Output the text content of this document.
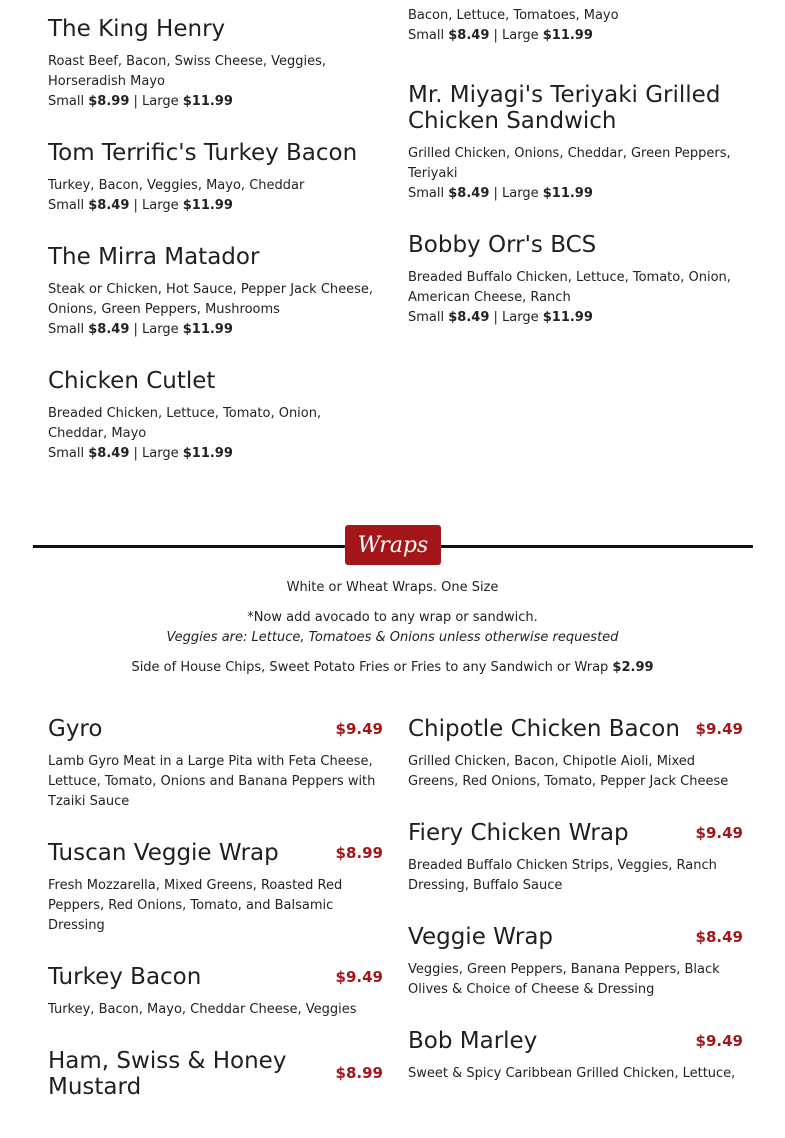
The King Henry
Roast Beef, Bacon, Swiss Cheese, Veggies, Horseradish Mayo
Small $8.99 | Large $11.99
Tom Terrific's Turkey Bacon
Turkey, Bacon, Veggies, Mayo, Cheddar
Small $8.49 | Large $11.99
The Mirra Matador
Steak or Chicken, Hot Sauce, Pepper Jack Cheese, Onions, Green Peppers, Mushrooms
Small $8.49 | Large $11.99
Chicken Cutlet
Breaded Chicken, Lettuce, Tomato, Onion, Cheddar, Mayo
Small $8.49 | Large $11.99
Bacon, Lettuce, Tomatoes, Mayo
Small $8.49 | Large $11.99
Mr. Miyagi's Teriyaki Grilled Chicken Sandwich
Grilled Chicken, Onions, Cheddar, Green Peppers, Teriyaki
Small $8.49 | Large $11.99
Bobby Orr's BCS
Breaded Buffalo Chicken, Lettuce, Tomato, Onion, American Cheese, Ranch
Small $8.49 | Large $11.99
Wraps
White or Wheat Wraps. One Size
*Now add avocado to any wrap or sandwich.
Veggies are: Lettuce, Tomatoes & Onions unless otherwise requested
Side of House Chips, Sweet Potato Fries or Fries to any Sandwich or Wrap $2.99
Gyro	$9.49
Lamb Gyro Meat in a Large Pita with Feta Cheese, Lettuce, Tomato, Onions and Banana Peppers with Tzaiki Sauce
Tuscan Veggie Wrap	$8.99
Fresh Mozzarella, Mixed Greens, Roasted Red Peppers, Red Onions, Tomato, and Balsamic Dressing
Turkey Bacon	$9.49
Turkey, Bacon, Mayo, Cheddar Cheese, Veggies
Ham, Swiss & Honey Mustard
$8.99
Chipotle Chicken Bacon $9.49
Grilled Chicken, Bacon, Chipotle Aioli, Mixed Greens, Red Onions, Tomato, Pepper Jack Cheese
Fiery Chicken Wrap	$9.49
Breaded Buffalo Chicken Strips, Veggies, Ranch Dressing, Buffalo Sauce
Veggie Wrap	$8.49
Veggies, Green Peppers, Banana Peppers, Black Olives & Choice of Cheese & Dressing
Bob Marley	$9.49
Sweet & Spicy Caribbean Grilled Chicken, Lettuce,
